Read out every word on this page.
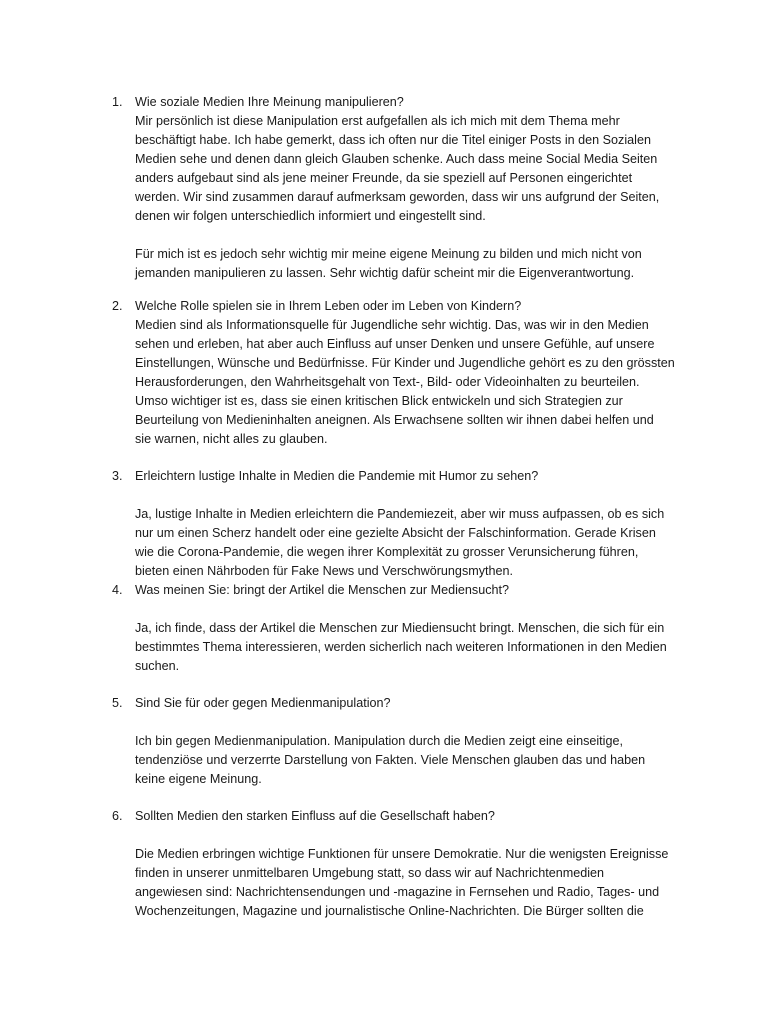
1. Wie soziale Medien Ihre Meinung manipulieren?

Mir persönlich ist diese Manipulation erst aufgefallen als ich mich mit dem Thema mehr
beschäftigt habe. Ich habe gemerkt, dass ich often nur die Titel einiger Posts in den Sozialen
Medien sehe und denen dann gleich Glauben schenke. Auch dass meine Social Media Seiten
anders aufgebaut sind als jene meiner Freunde, da sie speziell auf Personen eingerichtet
werden. Wir sind zusammen darauf aufmerksam geworden, dass wir uns aufgrund der Seiten,
denen wir folgen unterschiedlich informiert und eingestellt sind.

Für mich ist es jedoch sehr wichtig mir meine eigene Meinung zu bilden und mich nicht von
jemanden manipulieren zu lassen. Sehr wichtig dafür scheint mir die Eigenverantwortung.

2. Welche Rolle spielen sie in Ihrem Leben oder im Leben von Kindern?

Medien sind als Informationsquelle für Jugendliche sehr wichtig. Das, was wir in den Medien
sehen und erleben, hat aber auch Einfluss auf unser Denken und unsere Gefühle, auf unsere
Einstellungen, Wünsche und Bedürfnisse. Für Kinder und Jugendliche gehört es zu den grössten
Herausforderungen, den Wahrheitsgehalt von Text-, Bild- oder Videoinhalten zu beurteilen.
Umso wichtiger ist es, dass sie einen kritischen Blick entwickeln und sich Strategien zur
Beurteilung von Medieninhalten aneignen. Als Erwachsene sollten wir ihnen dabei helfen und
sie warnen, nicht alles zu glauben.

3. Erleichtern lustige Inhalte in Medien die Pandemie mit Humor zu sehen?

Ja, lustige Inhalte in Medien erleichtern die Pandemiezeit, aber wir muss aufpassen, ob es sich
nur um einen Scherz handelt oder eine gezielte Absicht der Falschinformation. Gerade Krisen
wie die Corona-Pandemie, die wegen ihrer Komplexität zu grosser Verunsicherung führen,
bieten einen Nährboden für Fake News und Verschwörungsmythen.

4. Was meinen Sie: bringt der Artikel die Menschen zur Mediensucht?

Ja, ich finde, dass der Artikel die Menschen zur Miediensucht bringt. Menschen, die sich für ein
bestimmtes Thema interessieren, werden sicherlich nach weiteren Informationen in den Medien
suchen.

5. Sind Sie für oder gegen Medienmanipulation?

Ich bin gegen Medienmanipulation. Manipulation durch die Medien zeigt eine einseitige,
tendenziöse und verzerrte Darstellung von Fakten. Viele Menschen glauben das und haben
keine eigene Meinung.

6. Sollten Medien den starken Einfluss auf die Gesellschaft haben?

Die Medien erbringen wichtige Funktionen für unsere Demokratie. Nur die wenigsten Ereignisse
finden in unserer unmittelbaren Umgebung statt, so dass wir auf Nachrichtenmedien
angewiesen sind: Nachrichtensendungen und -magazine in Fernsehen und Radio, Tages- und
Wochenzeitungen, Magazine und journalistische Online-Nachrichten. Die Bürger sollten die
